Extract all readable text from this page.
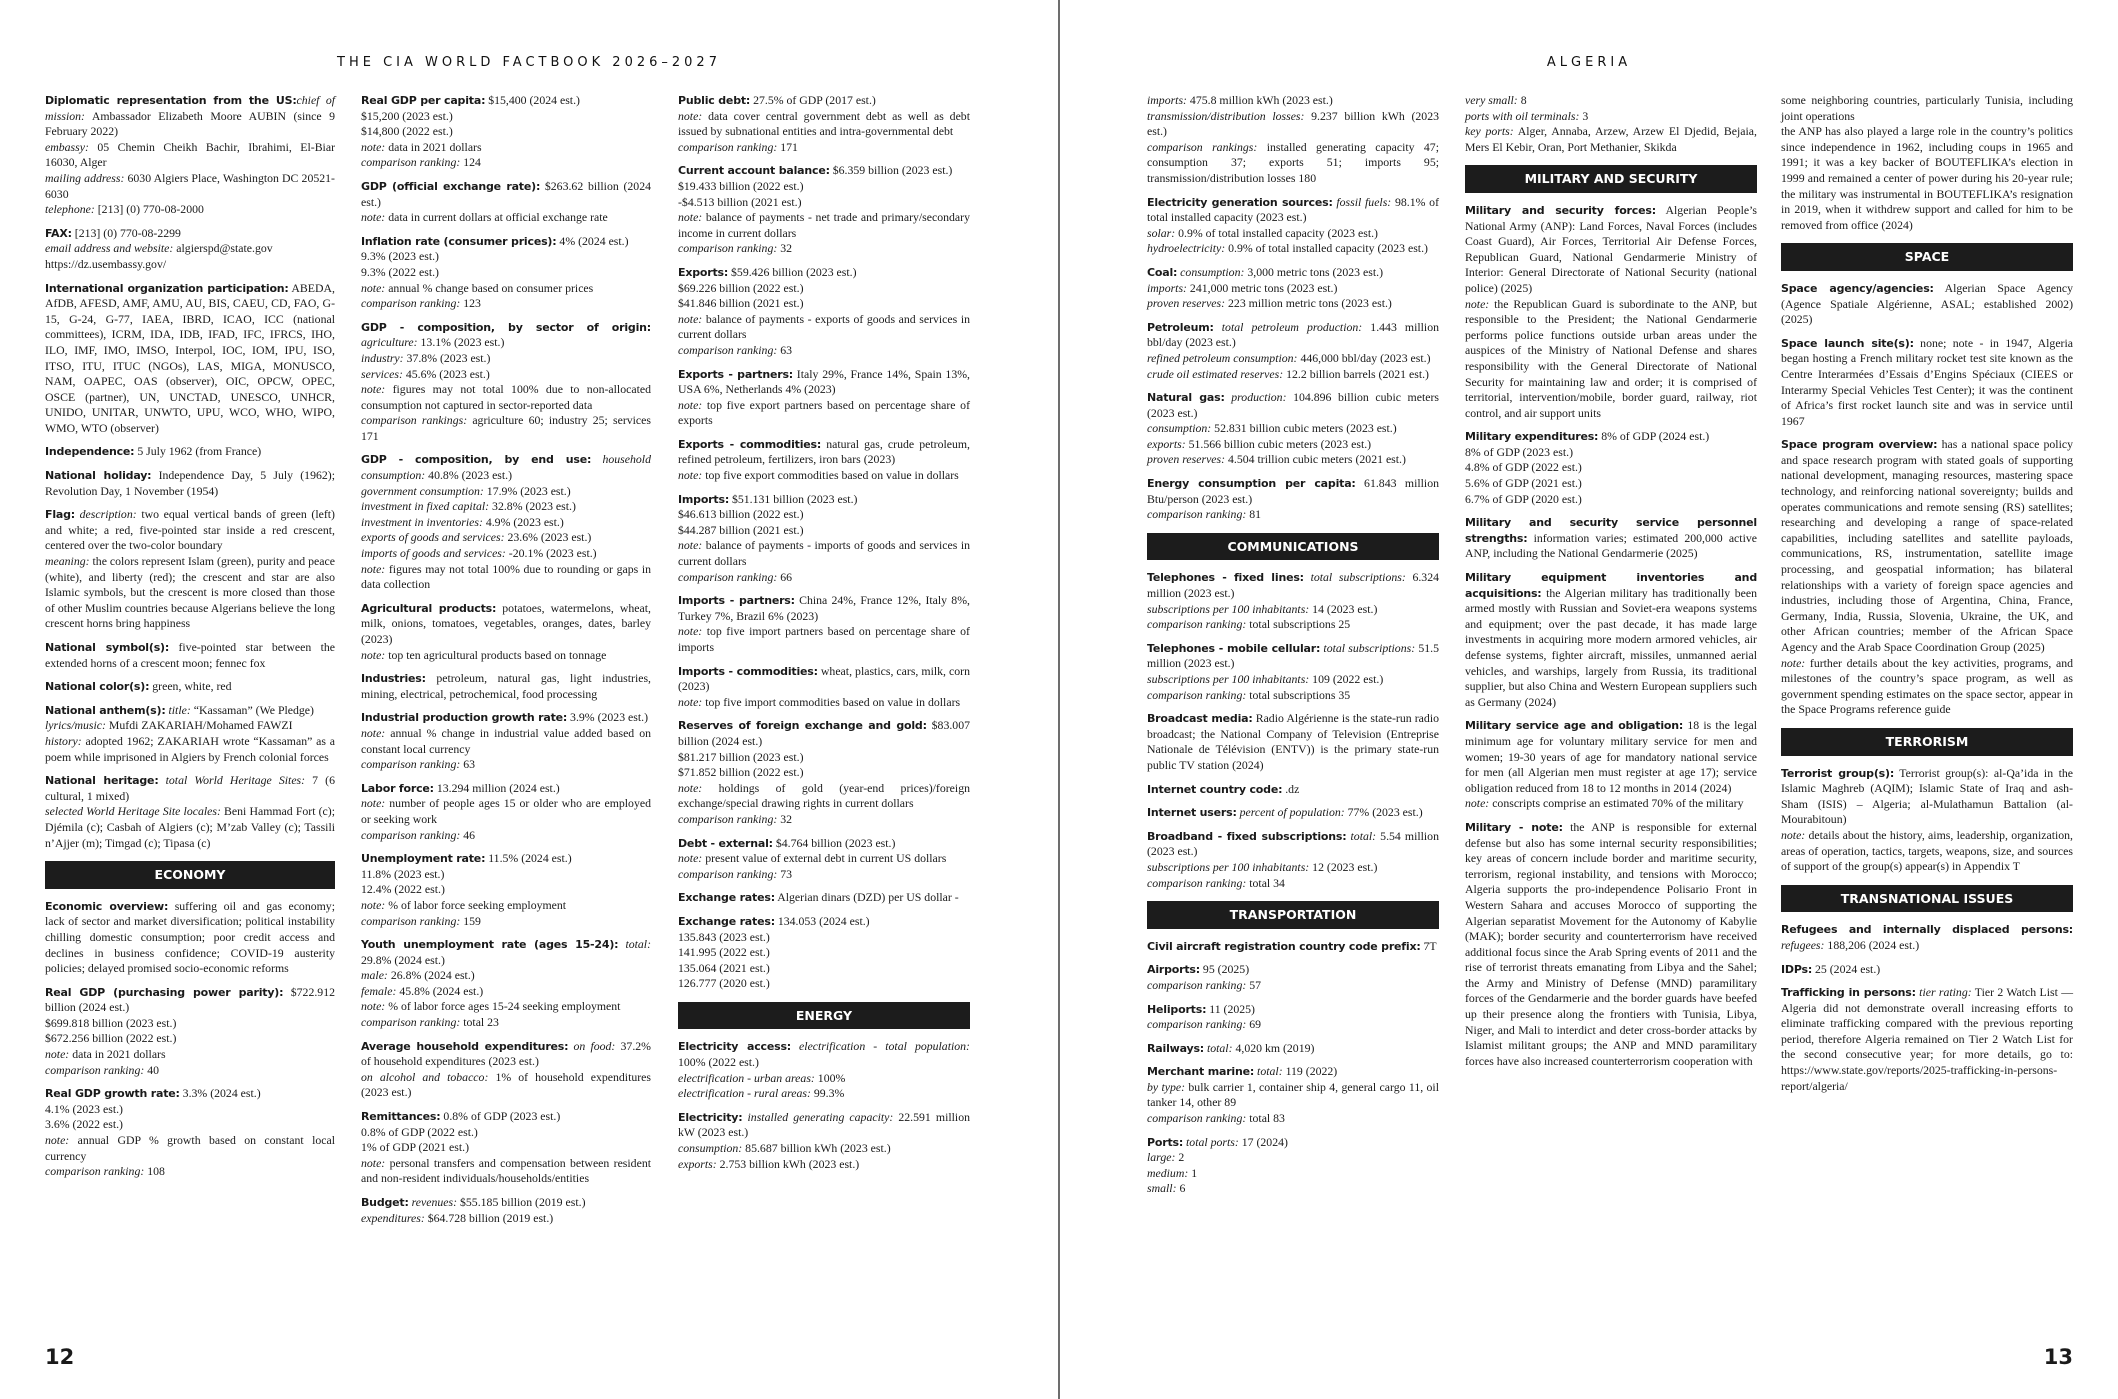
THE CIA WORLD FACTBOOK 2026–2027
Diplomatic representation from the US:chief of mission: Ambassador Elizabeth Moore AUBIN (since 9 February 2022)
embassy: 05 Chemin Cheikh Bachir, Ibrahimi, El-Biar 16030, Alger
mailing address: 6030 Algiers Place, Washington DC 20521-6030
telephone: [213] (0) 770-08-2000
FAX: [213] (0) 770-08-2299
email address and website: algierspd@state.gov
https://dz.usembassy.gov/
International organization participation: ABEDA, AfDB, AFESD, AMF, AMU, AU, BIS, CAEU, CD, FAO, G-15, G-24, G-77, IAEA, IBRD, ICAO, ICC (national committees), ICRM, IDA, IDB, IFAD, IFC, IFRCS, IHO, ILO, IMF, IMO, IMSO, Interpol, IOC, IOM, IPU, ISO, ITSO, ITU, ITUC (NGOs), LAS, MIGA, MONUSCO, NAM, OAPEC, OAS (observer), OIC, OPCW, OPEC, OSCE (partner), UN, UNCTAD, UNESCO, UNHCR, UNIDO, UNITAR, UNWTO, UPU, WCO, WHO, WIPO, WMO, WTO (observer)
Independence: 5 July 1962 (from France)
National holiday: Independence Day, 5 July (1962); Revolution Day, 1 November (1954)
Flag: description: two equal vertical bands of green (left) and white; a red, five-pointed star inside a red crescent, centered over the two-color boundary
meaning: the colors represent Islam (green), purity and peace (white), and liberty (red); the crescent and star are also Islamic symbols, but the crescent is more closed than those of other Muslim countries because Algerians believe the long crescent horns bring happiness
National symbol(s): five-pointed star between the extended horns of a crescent moon; fennec fox
National color(s): green, white, red
National anthem(s): title: “Kassaman” (We Pledge)
lyrics/music: Mufdi ZAKARIAH/Mohamed FAWZI
history: adopted 1962; ZAKARIAH wrote “Kassaman” as a poem while imprisoned in Algiers by French colonial forces
National heritage: total World Heritage Sites: 7 (6 cultural, 1 mixed)
selected World Heritage Site locales: Beni Hammad Fort (c); Djémila (c); Casbah of Algiers (c); M’zab Valley (c); Tassili n’Ajjer (m); Timgad (c); Tipasa (c)
ECONOMY
Economic overview: suffering oil and gas economy; lack of sector and market diversification; political instability chilling domestic consumption; poor credit access and declines in business confidence; COVID-19 austerity policies; delayed promised socio-economic reforms
Real GDP (purchasing power parity): $722.912 billion (2024 est.)
$699.818 billion (2023 est.)
$672.256 billion (2022 est.)
note: data in 2021 dollars
comparison ranking: 40
Real GDP growth rate: 3.3% (2024 est.)
4.1% (2023 est.)
3.6% (2022 est.)
note: annual GDP % growth based on constant local currency
comparison ranking: 108
Real GDP per capita: $15,400 (2024 est.)
$15,200 (2023 est.)
$14,800 (2022 est.)
note: data in 2021 dollars
comparison ranking: 124
GDP (official exchange rate): $263.62 billion (2024 est.)
note: data in current dollars at official exchange rate
Inflation rate (consumer prices): 4% (2024 est.)
9.3% (2023 est.)
9.3% (2022 est.)
note: annual % change based on consumer prices
comparison ranking: 123
GDP - composition, by sector of origin: agriculture: 13.1% (2023 est.)
industry: 37.8% (2023 est.)
services: 45.6% (2023 est.)
note: figures may not total 100% due to non-allocated consumption not captured in sector-reported data
comparison rankings: agriculture 60; industry 25; services 171
GDP - composition, by end use: household consumption: 40.8% (2023 est.)
government consumption: 17.9% (2023 est.)
investment in fixed capital: 32.8% (2023 est.)
investment in inventories: 4.9% (2023 est.)
exports of goods and services: 23.6% (2023 est.)
imports of goods and services: -20.1% (2023 est.)
note: figures may not total 100% due to rounding or gaps in data collection
Agricultural products: potatoes, watermelons, wheat, milk, onions, tomatoes, vegetables, oranges, dates, barley (2023)
note: top ten agricultural products based on tonnage
Industries: petroleum, natural gas, light industries, mining, electrical, petrochemical, food processing
Industrial production growth rate: 3.9% (2023 est.)
note: annual % change in industrial value added based on constant local currency
comparison ranking: 63
Labor force: 13.294 million (2024 est.)
note: number of people ages 15 or older who are employed or seeking work
comparison ranking: 46
Unemployment rate: 11.5% (2024 est.)
11.8% (2023 est.)
12.4% (2022 est.)
note: % of labor force seeking employment
comparison ranking: 159
Youth unemployment rate (ages 15-24): total: 29.8% (2024 est.)
male: 26.8% (2024 est.)
female: 45.8% (2024 est.)
note: % of labor force ages 15-24 seeking employment
comparison ranking: total 23
Average household expenditures: on food: 37.2% of household expenditures (2023 est.)
on alcohol and tobacco: 1% of household expenditures (2023 est.)
Remittances: 0.8% of GDP (2023 est.)
0.8% of GDP (2022 est.)
1% of GDP (2021 est.)
note: personal transfers and compensation between resident and non-resident individuals/households/entities
Budget: revenues: $55.185 billion (2019 est.)
expenditures: $64.728 billion (2019 est.)
Public debt: 27.5% of GDP (2017 est.)
note: data cover central government debt as well as debt issued by subnational entities and intra-governmental debt
comparison ranking: 171
Current account balance: $6.359 billion (2023 est.)
$19.433 billion (2022 est.)
-$4.513 billion (2021 est.)
note: balance of payments - net trade and primary/secondary income in current dollars
comparison ranking: 32
Exports: $59.426 billion (2023 est.)
$69.226 billion (2022 est.)
$41.846 billion (2021 est.)
note: balance of payments - exports of goods and services in current dollars
comparison ranking: 63
Exports - partners: Italy 29%, France 14%, Spain 13%, USA 6%, Netherlands 4% (2023)
note: top five export partners based on percentage share of exports
Exports - commodities: natural gas, crude petroleum, refined petroleum, fertilizers, iron bars (2023)
note: top five export commodities based on value in dollars
Imports: $51.131 billion (2023 est.)
$46.613 billion (2022 est.)
$44.287 billion (2021 est.)
note: balance of payments - imports of goods and services in current dollars
comparison ranking: 66
Imports - partners: China 24%, France 12%, Italy 8%, Turkey 7%, Brazil 6% (2023)
note: top five import partners based on percentage share of imports
Imports - commodities: wheat, plastics, cars, milk, corn (2023)
note: top five import commodities based on value in dollars
Reserves of foreign exchange and gold: $83.007 billion (2024 est.)
$81.217 billion (2023 est.)
$71.852 billion (2022 est.)
note: holdings of gold (year-end prices)/foreign exchange/special drawing rights in current dollars
comparison ranking: 32
Debt - external: $4.764 billion (2023 est.)
note: present value of external debt in current US dollars
comparison ranking: 73
Exchange rates: Algerian dinars (DZD) per US dollar -
Exchange rates: 134.053 (2024 est.)
135.843 (2023 est.)
141.995 (2022 est.)
135.064 (2021 est.)
126.777 (2020 est.)
ENERGY
Electricity access: electrification - total population: 100% (2022 est.)
electrification - urban areas: 100%
electrification - rural areas: 99.3%
Electricity: installed generating capacity: 22.591 million kW (2023 est.)
consumption: 85.687 billion kWh (2023 est.)
exports: 2.753 billion kWh (2023 est.)
12
ALGERIA
imports: 475.8 million kWh (2023 est.)
transmission/distribution losses: 9.237 billion kWh (2023 est.)
comparison rankings: installed generating capacity 47; consumption 37; exports 51; imports 95; transmission/distribution losses 180
Electricity generation sources: fossil fuels: 98.1% of total installed capacity (2023 est.)
solar: 0.9% of total installed capacity (2023 est.)
hydroelectricity: 0.9% of total installed capacity (2023 est.)
Coal: consumption: 3,000 metric tons (2023 est.)
imports: 241,000 metric tons (2023 est.)
proven reserves: 223 million metric tons (2023 est.)
Petroleum: total petroleum production: 1.443 million bbl/day (2023 est.)
refined petroleum consumption: 446,000 bbl/day (2023 est.)
crude oil estimated reserves: 12.2 billion barrels (2021 est.)
Natural gas: production: 104.896 billion cubic meters (2023 est.)
consumption: 52.831 billion cubic meters (2023 est.)
exports: 51.566 billion cubic meters (2023 est.)
proven reserves: 4.504 trillion cubic meters (2021 est.)
Energy consumption per capita: 61.843 million Btu/person (2023 est.)
comparison ranking: 81
COMMUNICATIONS
Telephones - fixed lines: total subscriptions: 6.324 million (2023 est.)
subscriptions per 100 inhabitants: 14 (2023 est.)
comparison ranking: total subscriptions 25
Telephones - mobile cellular: total subscriptions: 51.5 million (2023 est.)
subscriptions per 100 inhabitants: 109 (2022 est.)
comparison ranking: total subscriptions 35
Broadcast media: Radio Algérienne is the state-run radio broadcast; the National Company of Television (Entreprise Nationale de Télévision (ENTV)) is the primary state-run public TV station (2024)
Internet country code: .dz
Internet users: percent of population: 77% (2023 est.)
Broadband - fixed subscriptions: total: 5.54 million (2023 est.)
subscriptions per 100 inhabitants: 12 (2023 est.)
comparison ranking: total 34
TRANSPORTATION
Civil aircraft registration country code prefix: 7T
Airports: 95 (2025)
comparison ranking: 57
Heliports: 11 (2025)
comparison ranking: 69
Railways: total: 4,020 km (2019)
Merchant marine: total: 119 (2022)
by type: bulk carrier 1, container ship 4, general cargo 11, oil tanker 14, other 89
comparison ranking: total 83
Ports: total ports: 17 (2024)
large: 2
medium: 1
small: 6
very small: 8
ports with oil terminals: 3
key ports: Alger, Annaba, Arzew, Arzew El Djedid, Bejaia, Mers El Kebir, Oran, Port Methanier, Skikda
MILITARY AND SECURITY
Military and security forces: Algerian People’s National Army (ANP): Land Forces, Naval Forces (includes Coast Guard), Air Forces, Territorial Air Defense Forces, Republican Guard, National Gendarmerie Ministry of Interior: General Directorate of National Security (national police) (2025)
note: the Republican Guard is subordinate to the ANP, but responsible to the President; the National Gendarmerie performs police functions outside urban areas under the auspices of the Ministry of National Defense and shares responsibility with the General Directorate of National Security for maintaining law and order; it is comprised of territorial, intervention/mobile, border guard, railway, riot control, and air support units
Military expenditures: 8% of GDP (2024 est.)
8% of GDP (2023 est.)
4.8% of GDP (2022 est.)
5.6% of GDP (2021 est.)
6.7% of GDP (2020 est.)
Military and security service personnel strengths: information varies; estimated 200,000 active ANP, including the National Gendarmerie (2025)
Military equipment inventories and acquisitions: the Algerian military has traditionally been armed mostly with Russian and Soviet-era weapons systems and equipment; over the past decade, it has made large investments in acquiring more modern armored vehicles, air defense systems, fighter aircraft, missiles, unmanned aerial vehicles, and warships, largely from Russia, its traditional supplier, but also China and Western European suppliers such as Germany (2024)
Military service age and obligation: 18 is the legal minimum age for voluntary military service for men and women; 19-30 years of age for mandatory national service for men (all Algerian men must register at age 17); service obligation reduced from 18 to 12 months in 2014 (2024)
note: conscripts comprise an estimated 70% of the military
Military - note: the ANP is responsible for external defense but also has some internal security responsibilities; key areas of concern include border and maritime security, terrorism, regional instability, and tensions with Morocco; Algeria supports the pro-independence Polisario Front in Western Sahara and accuses Morocco of supporting the Algerian separatist Movement for the Autonomy of Kabylie (MAK); border security and counterterrorism have received additional focus since the Arab Spring events of 2011 and the rise of terrorist threats emanating from Libya and the Sahel; the Army and Ministry of Defense (MND) paramilitary forces of the Gendarmerie and the border guards have beefed up their presence along the frontiers with Tunisia, Libya, Niger, and Mali to interdict and deter cross-border attacks by Islamist militant groups; the ANP and MND paramilitary forces have also increased counterterrorism cooperation with
some neighboring countries, particularly Tunisia, including joint operations
the ANP has also played a large role in the country’s politics since independence in 1962, including coups in 1965 and 1991; it was a key backer of BOUTEFLIKA’s election in 1999 and remained a center of power during his 20-year rule; the military was instrumental in BOUTEFLIKA’s resignation in 2019, when it withdrew support and called for him to be removed from office (2024)
SPACE
Space agency/agencies: Algerian Space Agency (Agence Spatiale Algérienne, ASAL; established 2002) (2025)
Space launch site(s): none; note - in 1947, Algeria began hosting a French military rocket test site known as the Centre Interarmées d’Essais d’Engins Spéciaux (CIEES or Interarmy Special Vehicles Test Center); it was the continent of Africa’s first rocket launch site and was in service until 1967
Space program overview: has a national space policy and space research program with stated goals of supporting national development, managing resources, mastering space technology, and reinforcing national sovereignty; builds and operates communications and remote sensing (RS) satellites; researching and developing a range of space-related capabilities, including satellites and satellite payloads, communications, RS, instrumentation, satellite image processing, and geospatial information; has bilateral relationships with a variety of foreign space agencies and industries, including those of Argentina, China, France, Germany, India, Russia, Slovenia, Ukraine, the UK, and other African countries; member of the African Space Agency and the Arab Space Coordination Group (2025)
note: further details about the key activities, programs, and milestones of the country’s space program, as well as government spending estimates on the space sector, appear in the Space Programs reference guide
TERRORISM
Terrorist group(s): Terrorist group(s): al-Qa’ida in the Islamic Maghreb (AQIM); Islamic State of Iraq and ash-Sham (ISIS) – Algeria; al-Mulathamun Battalion (al-Mourabitoun)
note: details about the history, aims, leadership, organization, areas of operation, tactics, targets, weapons, size, and sources of support of the group(s) appear(s) in Appendix T
TRANSNATIONAL ISSUES
Refugees and internally displaced persons: refugees: 188,206 (2024 est.)
IDPs: 25 (2024 est.)
Trafficking in persons: tier rating: Tier 2 Watch List — Algeria did not demonstrate overall increasing efforts to eliminate trafficking compared with the previous reporting period, therefore Algeria remained on Tier 2 Watch List for the second consecutive year; for more details, go to: https://www.state.gov/reports/2025-trafficking-in-persons-report/algeria/
13
